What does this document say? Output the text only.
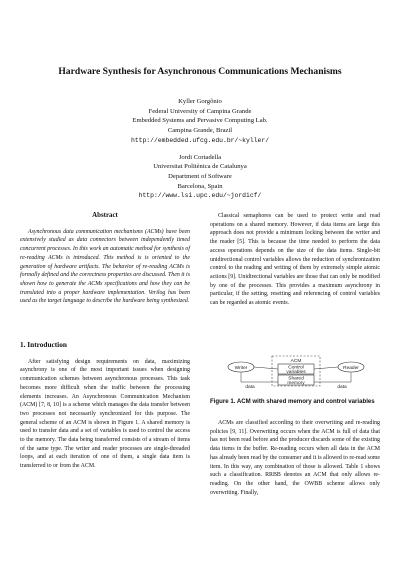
Hardware Synthesis for Asynchronous Communications Mechanisms
Kyller Gorgônio
Federal University of Campina Grande
Embedded Systems and Pervasive Computing Lab.
Campina Grande, Brazil
http://embedded.ufcg.edu.br/~kyller/
Jordi Cortadella
Universitat Politènica de Catalunya
Department of Software
Barcelona, Spain
http://www.lsi.upc.edu/~jordicf/
Abstract

Asynchronous data communication mechanisms (ACMs) have been extensively studied as data connectors between independently timed concurrent processes. In this work an automatic method for synthesis of re-reading ACMs is introduced. This method is is oriented to the generation of hardware artifacts. The behavior of re-reading ACMs is formally defined and the correctness properties are discussed. Then it is shown how to generate the ACMs specifications and how they can be translated into a proper hardware implementation. Verilog has been used as the target language to describe the hardware being synthesized.

1. Introduction

After satisfying design requirements on data, maximizing asynchrony is one of the most important issues when designing communication schemes between asynchronous processes. This task becomes more difficult when the traffic between the processing elements increases. An Asynchronous Communication Mechanism (ACM) [7, 8, 10] is a scheme which manages the data transfer between two processes not necessarily synchronized for this purpose. The general scheme of an ACM is shown in Figure 1. A shared memory is used to transfer data and a set of variables is used to control the access to the memory. The data being transferred consists of a stream of items of the same type. The writer and reader processes are single-threaded loops, and at each iteration of one of them, a single data item is transferred to or from the ACM.

Classical semaphores can be used to protect write and read operations on a shared memory. However, if data items are large this approach does not provide a minimum locking between the writer and the reader [5]. This is because the time needed to perform the data access operations depends on the size of the data items. Single-bit unidirectional control variables allows the reduction of synchronization control to the reading and writing of them by extremely simple atomic actions [9]. Unidirectional variables are those that can only be modified by one of the processes. This provides a maximum asynchrony in particular, if the setting, resetting and referencing of control variables can be regarded as atomic events.

ACM
Control
variables
Shared
memory
Writer	Reader
data	data
Figure 1. ACM with shared memory and control variables

ACMs are classified according to their overwriting and re-reading policies [9, 11]. Overwriting occurs when the ACM is full of data that has not been read before and the producer discards some of the existing data items in the buffer. Re-reading occurs when all data in the ACM has already been read by the consumer and it is allowed to re-read some item. In this way, any combination of those is allowed. Table 1 shows such a classification. RRBB denotes an ACM that only allows re-reading. On the other hand, the OWBB scheme allows only overwriting. Finally,
